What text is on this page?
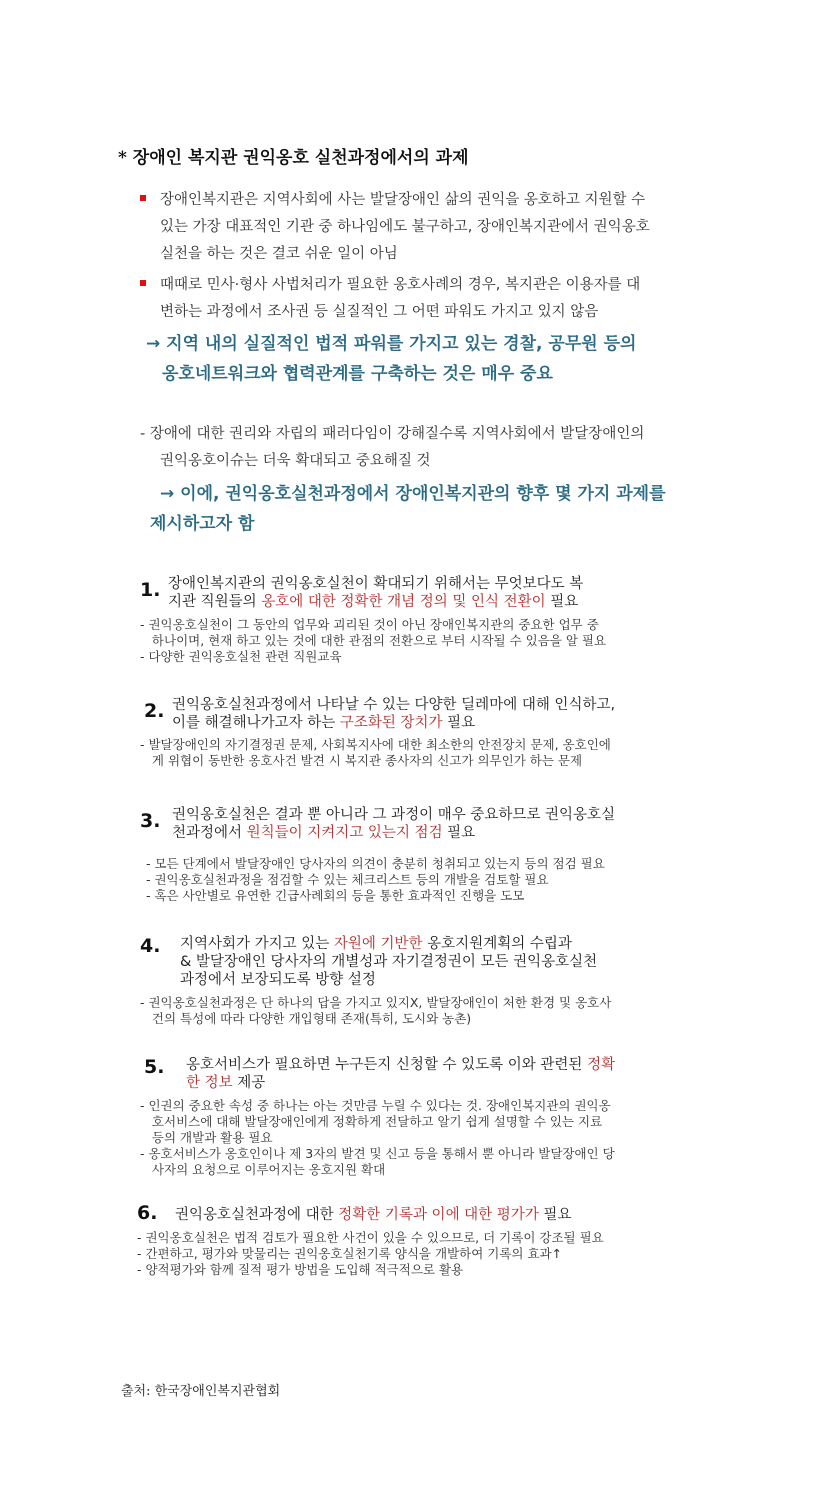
* 장애인 복지관 권익옹호 실천과정에서의 과제
장애인복지관은 지역사회에 사는 발달장애인 삶의 권익을 옹호하고 지원할 수
있는 가장 대표적인 기관 중 하나임에도 불구하고, 장애인복지관에서 권익옹호
실천을 하는 것은 결코 쉬운 일이 아님
때때로 민사·형사 사법처리가 필요한 옹호사례의 경우, 복지관은 이용자를 대
변하는 과정에서 조사권 등 실질적인 그 어떤 파워도 가지고 있지 않음
→ 지역 내의 실질적인 법적 파워를 가지고 있는 경찰, 공무원 등의
옹호네트워크와 협력관계를 구축하는 것은 매우 중요
- 장애에 대한 권리와 자립의 패러다임이 강해질수록 지역사회에서 발달장애인의
권익옹호이슈는 더욱 확대되고 중요해질 것
→ 이에, 권익옹호실천과정에서 장애인복지관의 향후 몇 가지 과제를
제시하고자 함
1. 장애인복지관의 권익옹호실천이 확대되기 위해서는 무엇보다도 복
지관 직원들의 옹호에 대한 정확한 개념 정의 및 인식 전환이 필요
- 권익옹호실천이 그 동안의 업무와 괴리된 것이 아닌 장애인복지관의 중요한 업무 중
하나이며, 현재 하고 있는 것에 대한 관점의 전환으로 부터 시작될 수 있음을 알 필요
- 다양한 권익옹호실천 관련 직원교육
2. 권익옹호실천과정에서 나타날 수 있는 다양한 딜레마에 대해 인식하고,
이를 해결해나가고자 하는 구조화된 장치가 필요
- 발달장애인의 자기결정권 문제, 사회복지사에 대한 최소한의 안전장치 문제, 옹호인에
게 위협이 동반한 옹호사건 발견 시 복지관 종사자의 신고가 의무인가 하는 문제
3. 권익옹호실천은 결과 뿐 아니라 그 과정이 매우 중요하므로 권익옹호실
천과정에서 원칙들이 지켜지고 있는지 점검 필요
- 모든 단계에서 발달장애인 당사자의 의견이 충분히 청취되고 있는지 등의 점검 필요
- 권익옹호실천과정을 점검할 수 있는 체크리스트 등의 개발을 검토할 필요
- 혹은 사안별로 유연한 긴급사례회의 등을 통한 효과적인 진행을 도모
4. 지역사회가 가지고 있는 자원에 기반한 옹호지원계획의 수립과
& 발달장애인 당사자의 개별성과 자기결정권이 모든 권익옹호실천
과정에서 보장되도록 방향 설정
- 권익옹호실천과정은 단 하나의 답을 가지고 있지X, 발달장애인이 처한 환경 및 옹호사
건의 특성에 따라 다양한 개입형태 존재(특히, 도시와 농촌)
5. 옹호서비스가 필요하면 누구든지 신청할 수 있도록 이와 관련된 정확
한 정보 제공
- 인권의 중요한 속성 중 하나는 아는 것만큼 누릴 수 있다는 것. 장애인복지관의 권익옹
호서비스에 대해 발달장애인에게 정확하게 전달하고 알기 쉽게 설명할 수 있는 지료
등의 개발과 활용 필요
- 옹호서비스가 옹호인이나 제 3자의 발견 및 신고 등을 통해서 뿐 아니라 발달장애인 당
사자의 요청으로 이루어지는 옹호지원 확대
6. 권익옹호실천과정에 대한 정확한 기록과 이에 대한 평가가 필요
- 권익옹호실천은 법적 검토가 필요한 사건이 있을 수 있으므로, 더 기록이 강조될 필요
- 간편하고, 평가와 맞물리는 권익옹호실천기록 양식을 개발하여 기록의 효과↑
- 양적평가와 함께 질적 평가 방법을 도입해 적극적으로 활용
출처: 한국장애인복지관협회
